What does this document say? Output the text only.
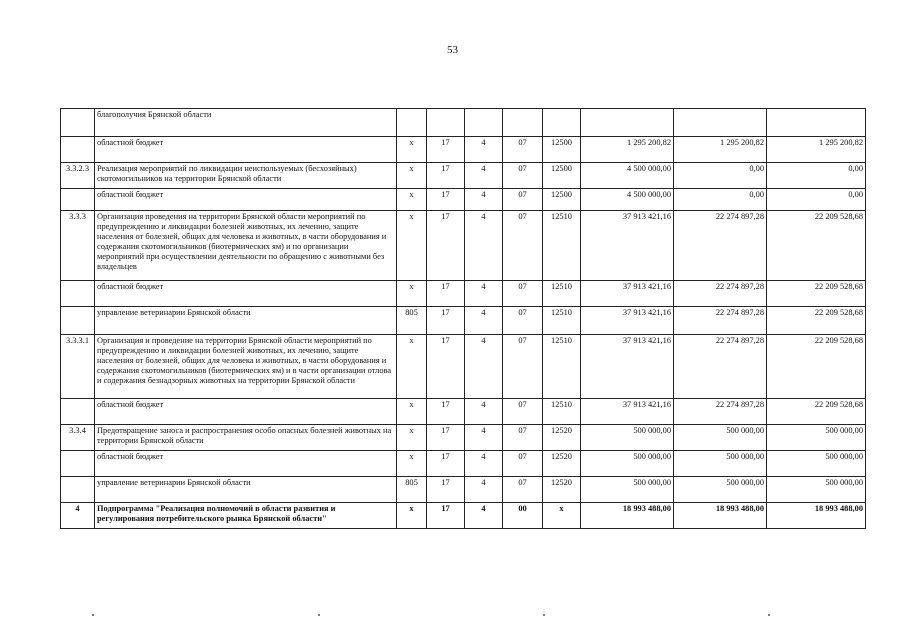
53
	благополучия Брянской области								
	областной бюджет	x	17	4	07	12500	1 295 200,82	1 295 200,82	1 295 200,82
3.3.2.3	Реализация мероприятий по ликвидации неиспользуемых (бесхозяйных) скотомогильников на территории Брянской области	x	17	4	07	12500	4 500 000,00	0,00	0,00
	областной бюджет	x	17	4	07	12500	4 500 000,00	0,00	0,00
3.3.3	Организация проведения на территории Брянской области мероприятий по предупреждению и ликвидации болезней животных, их лечению, защите населения от болезней, общих для человека и животных, в части оборудования и содержания скотомогильников (биотермических ям) и по организации мероприятий при осуществлении деятельности по обращению с животными без владельцев	x	17	4	07	12510	37 913 421,16	22 274 897,28	22 209 528,68
	областной бюджет	x	17	4	07	12510	37 913 421,16	22 274 897,28	22 209 528,68
	управление ветеринарии Брянской области	805	17	4	07	12510	37 913 421,16	22 274 897,28	22 209 528,68
3.3.3.1	Организация и проведение на территории Брянской области мероприятий по предупреждению и ликвидации болезней животных, их лечению, защите населения от болезней, общих для человека и животных, в части оборудования и содержания скотомогильников (биотермических ям) и в части организации отлова и содержания безнадзорных животных на территории Брянской области	x	17	4	07	12510	37 913 421,16	22 274 897,28	22 209 528,68
	областной бюджет	x	17	4	07	12510	37 913 421,16	22 274 897,28	22 209 528,68
3.3.4	Предотвращение заноса и распространения особо опасных болезней животных на территории Брянской области	x	17	4	07	12520	500 000,00	500 000,00	500 000,00
	областной бюджет	x	17	4	07	12520	500 000,00	500 000,00	500 000,00
	управление ветеринарии Брянской области	805	17	4	07	12520	500 000,00	500 000,00	500 000,00
4	Подпрограмма "Реализация полномочий в области развития и регулирования потребительского рынка Брянской области"	x	17	4	00	x	18 993 488,00	18 993 488,00	18 993 488,00
